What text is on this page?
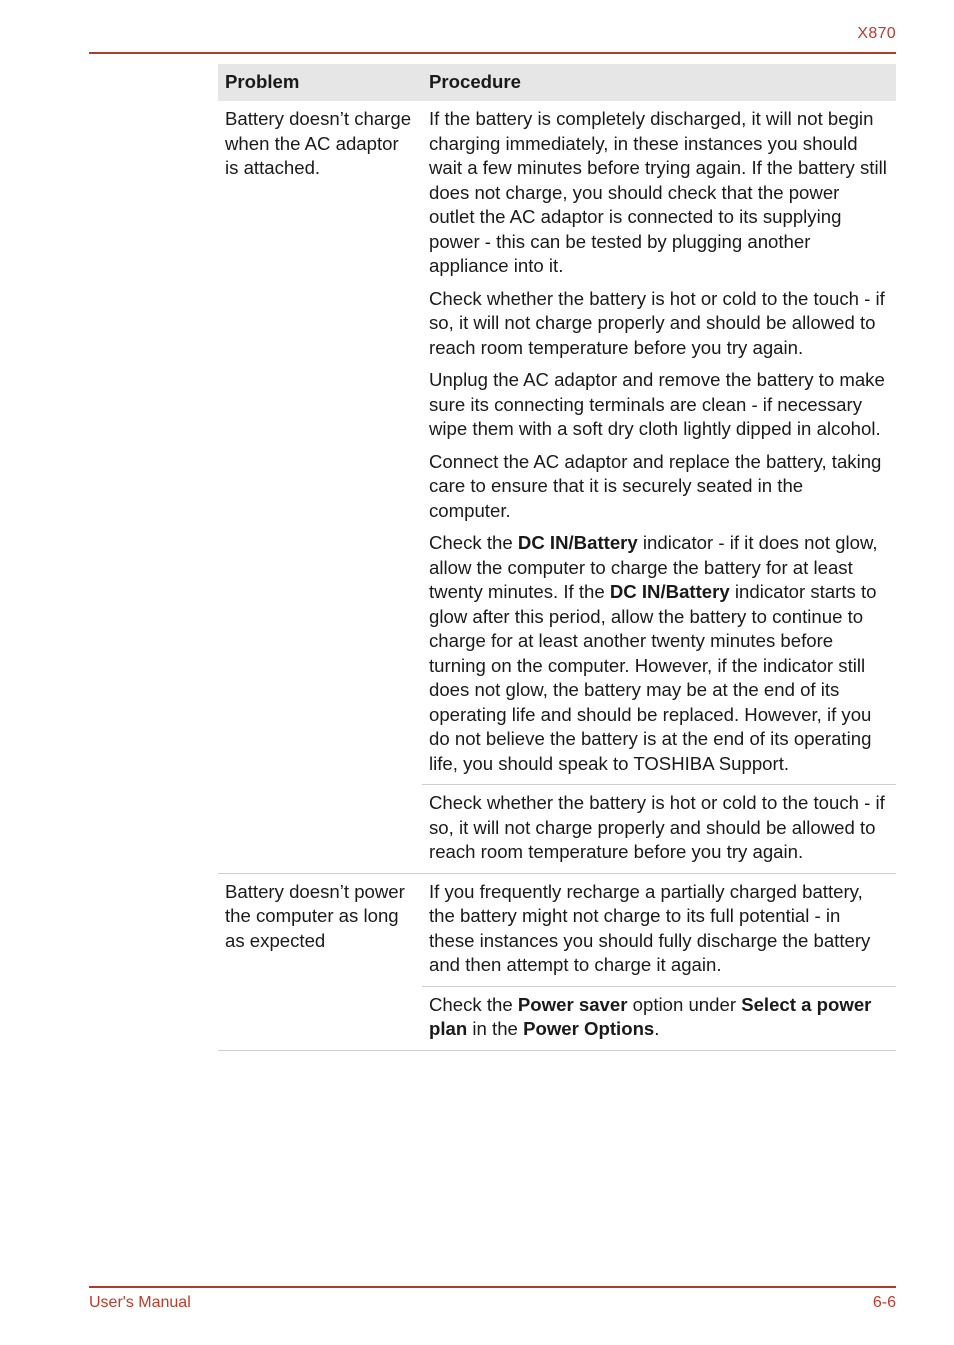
X870
Problem	Procedure
Battery doesn’t charge when the AC adaptor is attached.	If the battery is completely discharged, it will not begin charging immediately, in these instances you should wait a few minutes before trying again. If the battery still does not charge, you should check that the power outlet the AC adaptor is connected to its supplying power - this can be tested by plugging another appliance into it.

Check whether the battery is hot or cold to the touch - if so, it will not charge properly and should be allowed to reach room temperature before you try again.

Unplug the AC adaptor and remove the battery to make sure its connecting terminals are clean - if necessary wipe them with a soft dry cloth lightly dipped in alcohol.

Connect the AC adaptor and replace the battery, taking care to ensure that it is securely seated in the computer.

Check the DC IN/Battery indicator - if it does not glow, allow the computer to charge the battery for at least twenty minutes. If the DC IN/Battery indicator starts to glow after this period, allow the battery to continue to charge for at least another twenty minutes before turning on the computer. However, if the indicator still does not glow, the battery may be at the end of its operating life and should be replaced. However, if you do not believe the battery is at the end of its operating life, you should speak to TOSHIBA Support.

	Check whether the battery is hot or cold to the touch - if so, it will not charge properly and should be allowed to reach room temperature before you try again.

Battery doesn’t power the computer as long as expected	If you frequently recharge a partially charged battery, the battery might not charge to its full potential - in these instances you should fully discharge the battery and then attempt to charge it again.

	Check the Power saver option under Select a power plan in the Power Options.

User's Manual	6-6
